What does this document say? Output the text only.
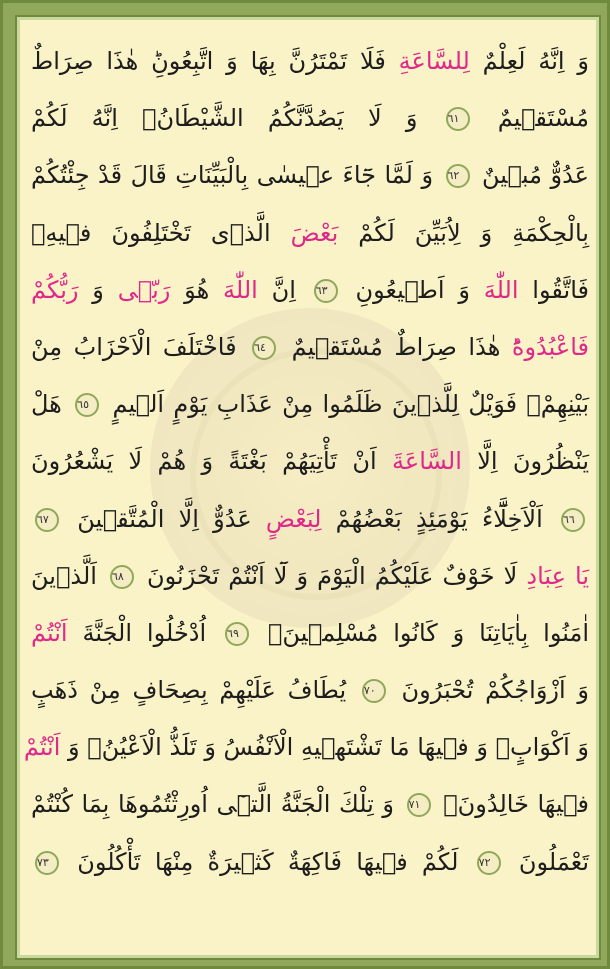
وَ اِنَّهُ لَعِلْمٌ لِلسَّاعَةِ فَلَا تَمْتَرُنَّ بِهَا وَ اتَّبِعُونِؕ هٰذَا صِرَاطٌ
مُسْتَقٖيمٌ ٦١ وَ لَا يَصُدَّنَّكُمُ الشَّيْطَانُۚ اِنَّهُ لَكُمْ
عَدُوٌّ مُبٖينٌ ٦٢ وَ لَمَّا جَٓاءَ عٖيسٰى بِالْبَيِّنَاتِ قَالَ قَدْ جِئْتُكُمْ
بِالْحِكْمَةِ وَ لِاُبَيِّنَ لَكُمْ بَعْضَ الَّذٖى تَخْتَلِفُونَ فٖيهِۚ
فَاتَّقُوا اللّٰهَ وَ اَطٖيعُونِ ٦٣ اِنَّ اللّٰهَ هُوَ رَبّٖى وَ رَبُّكُمْ
فَاعْبُدُوهُؕ هٰذَا صِرَاطٌ مُسْتَقٖيمٌ ٦٤ فَاخْتَلَفَ الْاَحْزَابُ مِنْ
بَيْنِهِمْۚ فَوَيْلٌ لِلَّذٖينَ ظَلَمُوا مِنْ عَذَابِ يَوْمٍ اَلٖيمٍ ٦٥ هَلْ
يَنْظُرُونَ اِلَّا السَّاعَةَ اَنْ تَأْتِيَهُمْ بَغْتَةً وَ هُمْ لَا يَشْعُرُونَ
٦٦ اَلْاَخِلَّٓاءُ يَوْمَئِذٍ بَعْضُهُمْ لِبَعْضٍ عَدُوٌّ اِلَّا الْمُتَّقٖينَ ٦٧
يَا عِبَادِ لَا خَوْفٌ عَلَيْكُمُ الْيَوْمَ وَ لَٓا اَنْتُمْ تَحْزَنُونَ ٦٨ اَلَّذٖينَ
اٰمَنُوا بِاٰيَاتِنَا وَ كَانُوا مُسْلِمٖينَۚ ٦٩ اُدْخُلُوا الْجَنَّةَ اَنْتُمْ
وَ اَزْوَاجُكُمْ تُحْبَرُونَ ٧٠ يُطَافُ عَلَيْهِمْ بِصِحَافٍ مِنْ ذَهَبٍ
وَ اَكْوَابٍۚ وَ فٖيهَا مَا تَشْتَهٖيهِ الْاَنْفُسُ وَ تَلَذُّ الْاَعْيُنُۚ وَ اَنْتُمْ
فٖيهَا خَالِدُونَۚ ٧١ وَ تِلْكَ الْجَنَّةُ الَّتٖٓى اُورِثْتُمُوهَا بِمَا كُنْتُمْ
تَعْمَلُونَ ٧٢ لَكُمْ فٖيهَا فَاكِهَةٌ كَثٖيرَةٌ مِنْهَا تَأْكُلُونَ ٧٣
